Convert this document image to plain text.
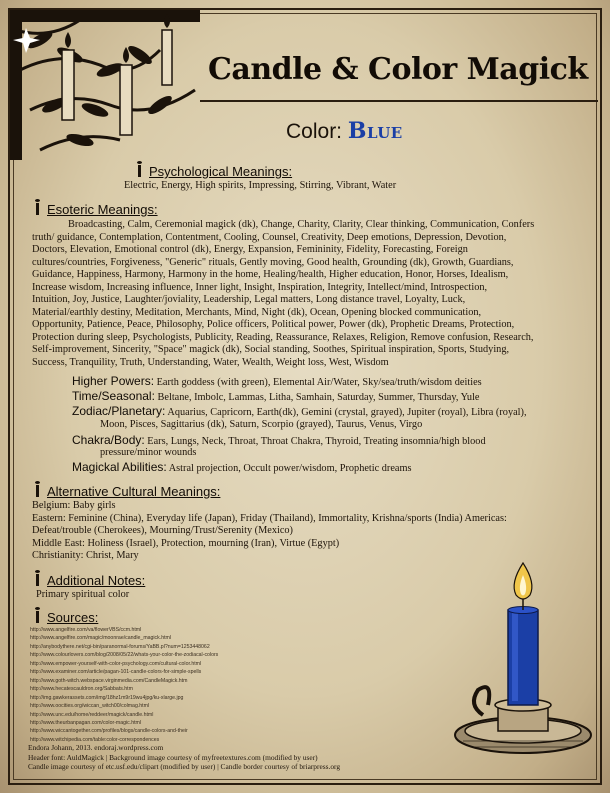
Candle & Color Magick
Color: Blue
Psychological Meanings:
Electric, Energy, High spirits, Impressing, Stirring, Vibrant, Water
Esoteric Meanings:
Broadcasting, Calm, Ceremonial magick (dk), Change, Charity, Clarity, Clear thinking, Communication, Confers
truth/ guidance, Contemplation, Contentment, Cooling, Counsel, Creativity, Deep emotions, Depression, Devotion,
Doctors, Elevation, Emotional control (dk), Energy, Expansion, Femininity, Fidelity, Forecasting, Foreign
cultures/countries, Forgiveness, "Generic" rituals, Gently moving, Good health, Grounding (dk), Growth, Guardians,
Guidance, Happiness, Harmony, Harmony in the home, Healing/health, Higher education, Honor, Horses, Idealism,
Increase wisdom, Increasing influence, Inner light, Insight, Inspiration, Integrity, Intellect/mind, Introspection,
Intuition, Joy, Justice, Laughter/joviality, Leadership, Legal matters, Long distance travel, Loyalty, Luck,
Material/earthly destiny, Meditation, Merchants, Mind, Night (dk), Ocean, Opening blocked communication,
Opportunity, Patience, Peace, Philosophy, Police officers, Political power, Power (dk), Prophetic Dreams, Protection,
Protection during sleep, Psychologists, Publicity, Reading, Reassurance, Relaxes, Religion, Remove confusion, Research,
Self-improvement, Sincerity, "Space" magick (dk), Social standing, Soothes, Spiritual inspiration, Sports, Studying,
Success, Tranquility, Truth, Understanding, Water, Wealth, Weight loss, West, Wisdom
Higher Powers: Earth goddess (with green), Elemental Air/Water, Sky/sea/truth/wisdom deities
Time/Seasonal: Beltane, Imbolc, Lammas, Litha, Samhain, Saturday, Summer, Thursday, Yule
Zodiac/Planetary: Aquarius, Capricorn, Earth(dk), Gemini (crystal, grayed), Jupiter (royal), Libra (royal),
Moon, Pisces, Sagittarius (dk), Saturn, Scorpio (grayed), Taurus, Venus, Virgo
Chakra/Body: Ears, Lungs, Neck, Throat, Throat Chakra, Thyroid, Treating insomnia/high blood
pressure/minor wounds
Magickal Abilities: Astral projection, Occult power/wisdom, Prophetic dreams
Alternative Cultural Meanings:
Belgium: Baby girls
Eastern: Feminine (China), Everyday life (Japan), Friday (Thailand), Immortality, Krishna/sports (India) Americas:
Defeat/trouble (Cherokees), Mourning/Trust/Serenity (Mexico)
Middle East: Holiness (Israel), Protection, mourning (Iran), Virtue (Egypt)
Christianity: Christ, Mary
Additional Notes:
Primary spiritual color
Sources:
http://www.angelfire.com/va/flowerVBS/ccm.html
http://www.angelfire.com/magic/moonrae/candle_magick.html
http://anybodythere.net/cgi-bin/paranormal-forums/YaBB.pl?num=1253448062
http://www.colourlovers.com/blog/2008/05/22/whats-your-color-the-zodiacal-colors
http://www.empower-yourself-with-color-psychology.com/cultural-color.html
http://www.examiner.com/article/pagan-101-candle-colors-for-simple-spells
http://www.goth-witch.webspace.virginmedia.com/CandleMagick.htm
http://www.hecatescauldron.org/Sabbats.htm
http://img.gawkerassets.com/img/18hz1m9r19wu4jpg/ku-xlarge.jpg
http://www.oocities.org/wiccan_witch00/colmag.html
http://www.unc.edu/home/reddeer/magick/candle.html
http://www.theurbanpagan.com/color-magic.html
http://www.wiccantogether.com/profiles/blogs/candle-colors-and-their
http://www.witchipedia.com/table:color-correspondences
Endora Johann, 2013. endoraj.wordpress.com
Header font: AuldMagick | Background image courtesy of myfreetextures.com (modified by user)
Candle image courtesy of etc.usf.edu/clipart (modified by user) | Candle border courtesy of briarpress.org
